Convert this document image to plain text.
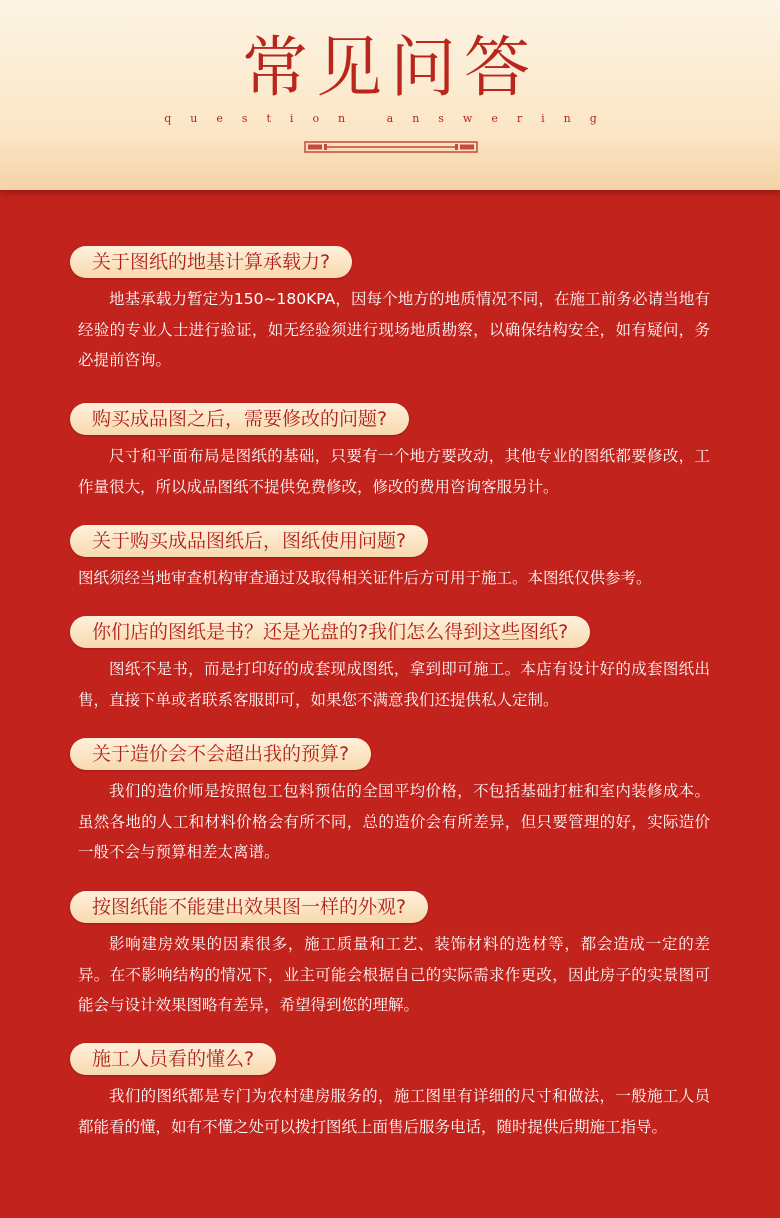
常见问答
question answering
关于图纸的地基计算承载力?
地基承载力暂定为150~180KPA，因每个地方的地质情况不同，在施工前务必请当地有经验的专业人士进行验证，如无经验须进行现场地质勘察，以确保结构安全，如有疑问，务必提前咨询。
购买成品图之后，需要修改的问题?
尺寸和平面布局是图纸的基础，只要有一个地方要改动，其他专业的图纸都要修改，工作量很大，所以成品图纸不提供免费修改，修改的费用咨询客服另计。
关于购买成品图纸后，图纸使用问题?
图纸须经当地审查机构审查通过及取得相关证件后方可用于施工。本图纸仅供参考。
你们店的图纸是书？还是光盘的?我们怎么得到这些图纸?
图纸不是书，而是打印好的成套现成图纸，拿到即可施工。本店有设计好的成套图纸出售，直接下单或者联系客服即可，如果您不满意我们还提供私人定制。
关于造价会不会超出我的预算?
我们的造价师是按照包工包料预估的全国平均价格，不包括基础打桩和室内装修成本。虽然各地的人工和材料价格会有所不同，总的造价会有所差异，但只要管理的好，实际造价一般不会与预算相差太离谱。
按图纸能不能建出效果图一样的外观?
影响建房效果的因素很多，施工质量和工艺、装饰材料的选材等，都会造成一定的差异。在不影响结构的情况下，业主可能会根据自己的实际需求作更改，因此房子的实景图可能会与设计效果图略有差异，希望得到您的理解。
施工人员看的懂么?
我们的图纸都是专门为农村建房服务的，施工图里有详细的尺寸和做法，一般施工人员都能看的懂，如有不懂之处可以拨打图纸上面售后服务电话，随时提供后期施工指导。
